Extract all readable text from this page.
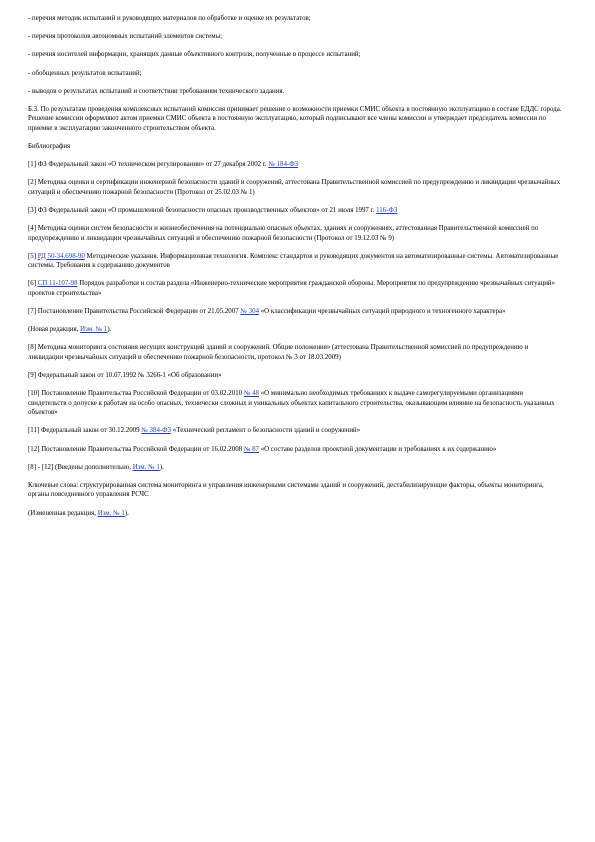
- перечня методик испытаний и руководящих материалов по обработке и оценке их результатов;

- перечня протоколов автономных испытаний элементов системы;

- перечня носителей информации, хранящих данные объективного контроля, полученные в процессе испытаний;

- обобщенных результатов испытаний;

- выводов о результатах испытаний и соответствии требованиям технического задания.

Б.3. По результатам проведения комплексных испытаний комиссия принимает решение о возможности приемки СМИС объекта в постоянную эксплуатацию в составе ЕДДС города. Решение комиссии оформляют актом приемки СМИС объекта в постоянную эксплуатацию, который подписывают все члены комиссии и утверждает председатель комиссии по приемке в эксплуатацию законченного строительством объекта.

Библиография

[1] ФЗ Федеральный закон «О техническом регулировании» от 27 декабря 2002 г. № 184-ФЗ

[2] Методика оценки и сертификации инженерной безопасности зданий и сооружений, аттестована Правительственной комиссией по предупреждению и ликвидации чрезвычайных ситуаций и обеспечению пожарной безопасности (Протокол от 25.02.03 № 1)

[3] ФЗ Федеральный закон «О промышленной безопасности опасных производственных объектов» от 21 июля 1997 г. 116-ФЗ

[4] Методика оценки систем безопасности и жизнеобеспечения на потенциально опасных объектах, зданиях и сооружениях, аттестованная Правительственной комиссией по предупреждению и ликвидации чрезвычайных ситуаций и обеспечению пожарной безопасности (Протокол от 19.12.03 № 9)

[5] РД 50-34.698-90 Методические указания. Информационная технология. Комплекс стандартов и руководящих документов на автоматизированные системы. Автоматизированные системы. Требования к содержанию документов

[6] СП 11-107-98 Порядок разработки и состав раздела «Инженерно-технические мероприятия гражданской обороны. Мероприятия по предупреждению чрезвычайных ситуаций» проектов строительства»

[7] Постановление Правительства Российской Федерации от 21.05.2007 № 304 «О классификации чрезвычайных ситуаций природного и техногенного характера»

(Новая редакция, Изм. № 1).

[8] Методика мониторинга состояния несущих конструкций зданий и сооружений. Общие положения» (аттестована Правительственной комиссией по предупреждению и ликвидации чрезвычайных ситуаций и обеспечению пожарной безопасности, протокол № 3 от 18.03.2009)

[9] Федеральный закон от 10.07.1992 № 3266-1 «Об образовании»

[10] Постановление Правительства Российской Федерации от 03.02.2010 № 48 «О минимально необходимых требованиях к выдаче саморегулируемыми организациями свидетельств о допуске к работам на особо опасных, технически сложных и уникальных объектах капитального строительства, оказывающим влияние на безопасность указанных объектов»

[11] Федеральный закон от 30.12.2009 № 384-ФЗ «Технический регламент о безопасности зданий и сооружений»

[12] Постановление Правительства Российской Федерации от 16.02.2008 № 87 «О составе разделов проектной документации и требованиях к их содержанию»

[8] - [12] (Введены дополнительно, Изм. № 1).

Ключевые слова: структурированная система мониторинга и управления инженерными системами зданий и сооружений, дестабилизирующие факторы, объекты мониторинга, органы повседневного управления РСЧС

(Измененная редакция, Изм. № 1).
